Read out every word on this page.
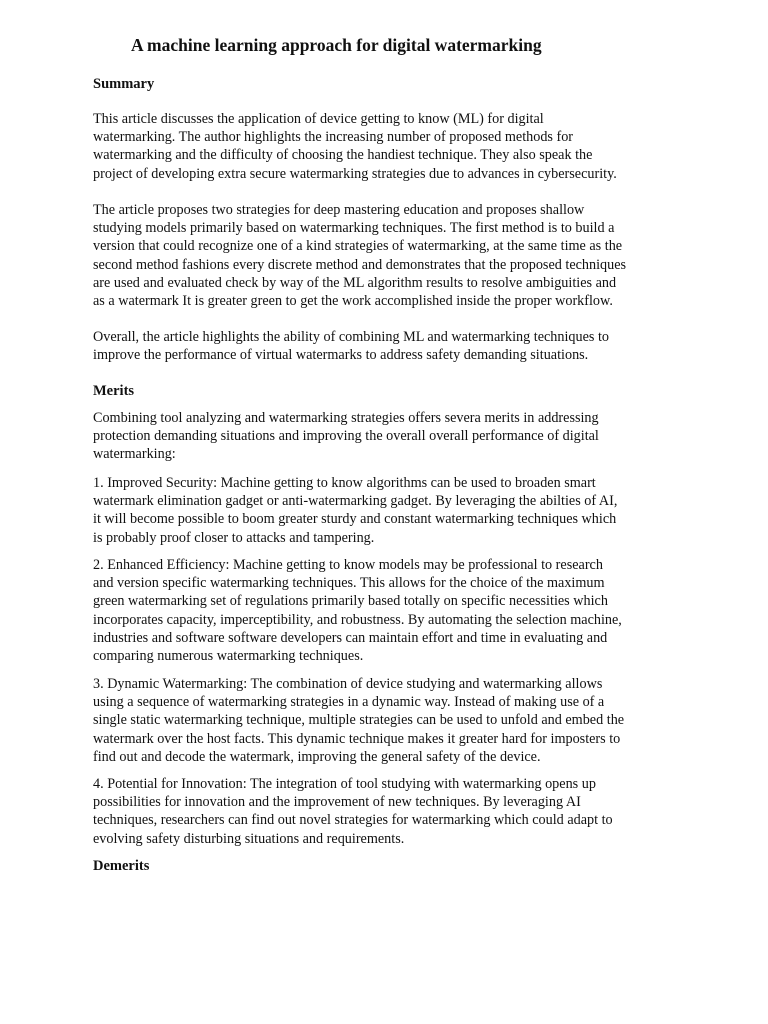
A machine learning approach for digital watermarking
Summary
This article discusses the application of device getting to know (ML) for digital
watermarking. The author highlights the increasing number of proposed methods for
watermarking and the difficulty of choosing the handiest technique. They also speak the
project of developing extra secure watermarking strategies due to advances in cybersecurity.
The article proposes two strategies for deep mastering education and proposes shallow
studying models primarily based on watermarking techniques. The first method is to build a
version that could recognize one of a kind strategies of watermarking, at the same time as the
second method fashions every discrete method and demonstrates that the proposed techniques
are used and evaluated check by way of the ML algorithm results to resolve ambiguities and
as a watermark It is greater green to get the work accomplished inside the proper workflow.
Overall, the article highlights the ability of combining ML and watermarking techniques to
improve the performance of virtual watermarks to address safety demanding situations.
Merits
Combining tool analyzing and watermarking strategies offers severa merits in addressing
protection demanding situations and improving the overall overall performance of digital
watermarking:
1. Improved Security: Machine getting to know algorithms can be used to broaden smart
watermark elimination gadget or anti-watermarking gadget. By leveraging the abilties of AI,
it will become possible to boom greater sturdy and constant watermarking techniques which
is probably proof closer to attacks and tampering.
2. Enhanced Efficiency: Machine getting to know models may be professional to research
and version specific watermarking techniques. This allows for the choice of the maximum
green watermarking set of regulations primarily based totally on specific necessities which
incorporates capacity, imperceptibility, and robustness. By automating the selection machine,
industries and software software developers can maintain effort and time in evaluating and
comparing numerous watermarking techniques.
3. Dynamic Watermarking: The combination of device studying and watermarking allows
using a sequence of watermarking strategies in a dynamic way. Instead of making use of a
single static watermarking technique, multiple strategies can be used to unfold and embed the
watermark over the host facts. This dynamic technique makes it greater hard for imposters to
find out and decode the watermark, improving the general safety of the device.
4. Potential for Innovation: The integration of tool studying with watermarking opens up
possibilities for innovation and the improvement of new techniques. By leveraging AI
techniques, researchers can find out novel strategies for watermarking which could adapt to
evolving safety disturbing situations and requirements.
Demerits
